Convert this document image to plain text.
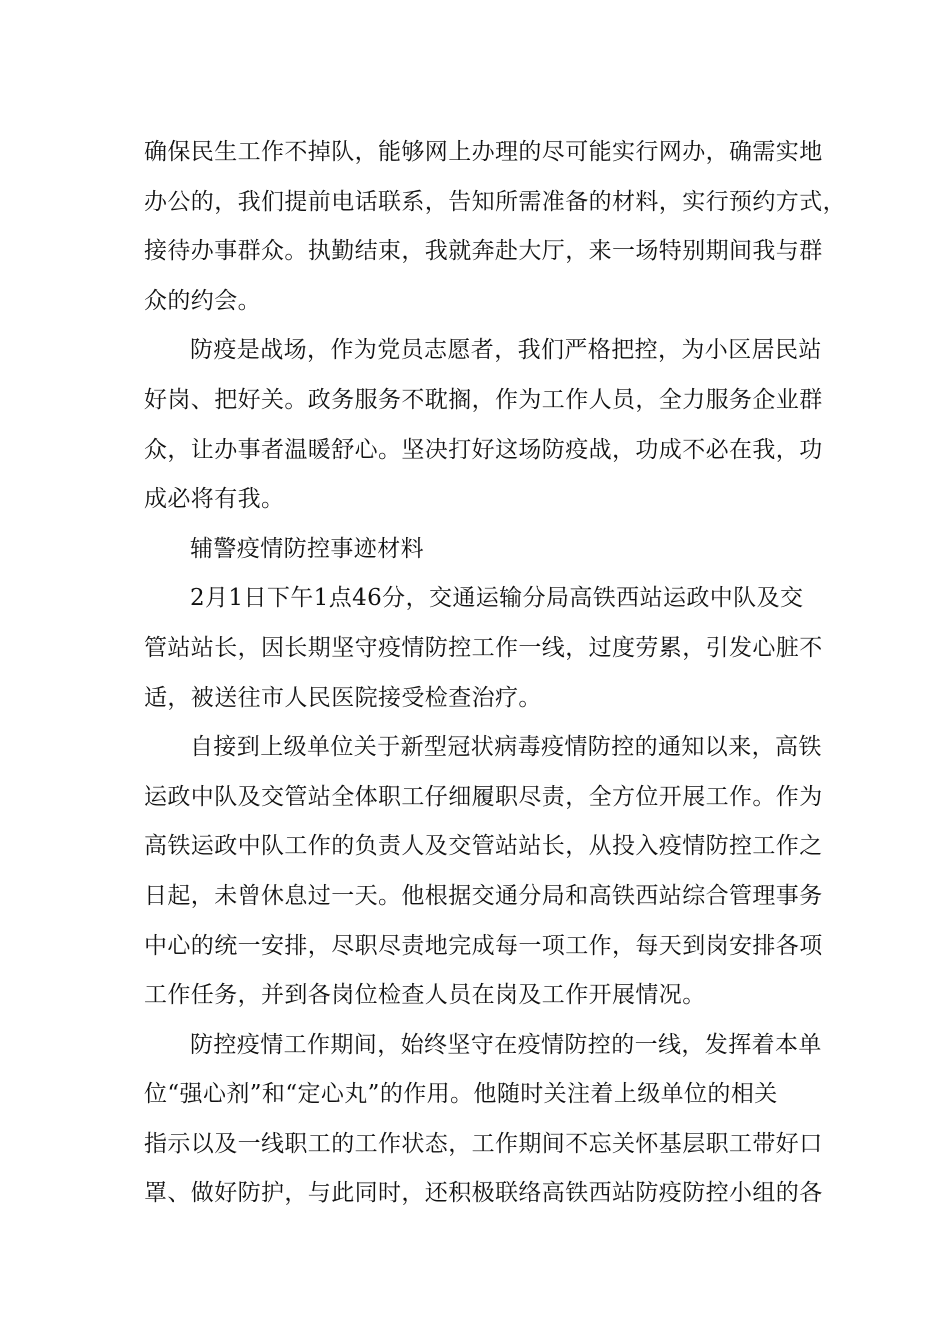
确保民生工作不掉队，能够网上办理的尽可能实行网办，确需实地
办公的，我们提前电话联系，告知所需准备的材料，实行预约方式，
接待办事群众。执勤结束，我就奔赴大厅，来一场特别期间我与群
众的约会。
防疫是战场，作为党员志愿者，我们严格把控，为小区居民站
好岗、把好关。政务服务不耽搁，作为工作人员，全力服务企业群
众，让办事者温暖舒心。坚决打好这场防疫战，功成不必在我，功
成必将有我。
辅警疫情防控事迹材料
2月1日下午1点46分，交通运输分局高铁西站运政中队及交
管站站长，因长期坚守疫情防控工作一线，过度劳累，引发心脏不
适，被送往市人民医院接受检查治疗。
自接到上级单位关于新型冠状病毒疫情防控的通知以来，高铁
运政中队及交管站全体职工仔细履职尽责，全方位开展工作。作为
高铁运政中队工作的负责人及交管站站长，从投入疫情防控工作之
日起，未曾休息过一天。他根据交通分局和高铁西站综合管理事务
中心的统一安排，尽职尽责地完成每一项工作，每天到岗安排各项
工作任务，并到各岗位检查人员在岗及工作开展情况。
防控疫情工作期间，始终坚守在疫情防控的一线，发挥着本单
位“强心剂”和“定心丸”的作用。他随时关注着上级单位的相关
指示以及一线职工的工作状态，工作期间不忘关怀基层职工带好口
罩、做好防护，与此同时，还积极联络高铁西站防疫防控小组的各
